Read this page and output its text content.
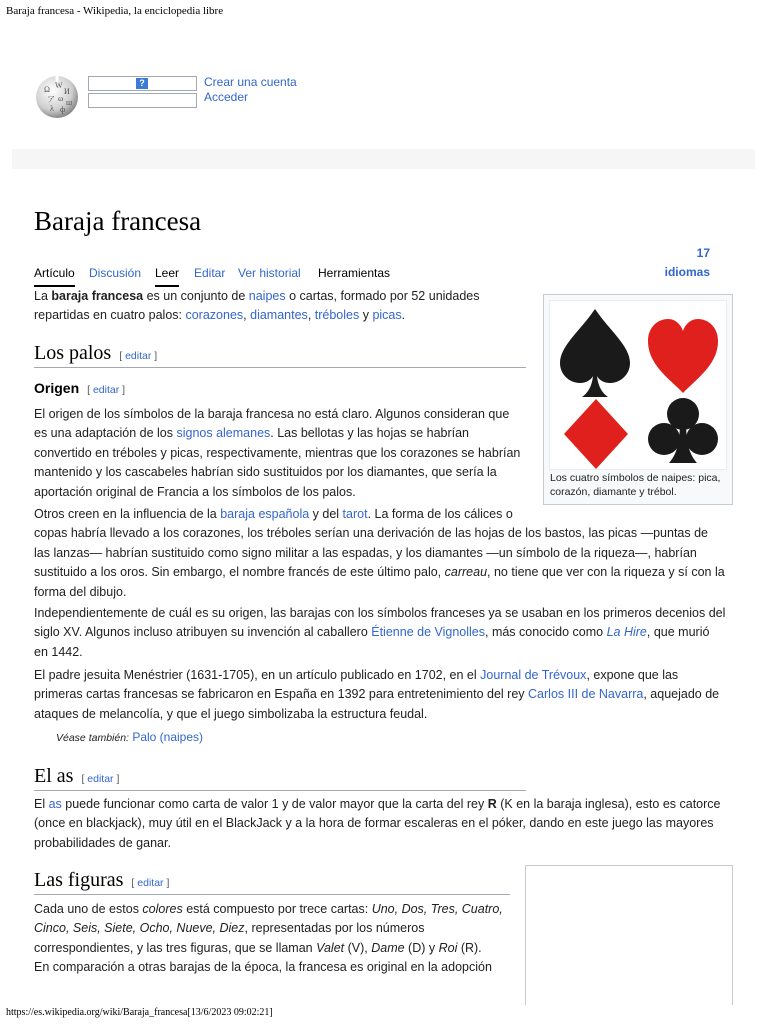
Baraja francesa - Wikipedia, la enciclopedia libre
https://es.wikipedia.org/wiki/Baraja_francesa[13/6/2023 09:02:21]
Ω W
И
ア ω ш
λ ф
?	Crear una cuenta
Acceder
Baraja francesa
17
idiomas
Artículo Discusión Leer Editar Ver historial Herramientas
La baraja francesa es un conjunto de naipes o cartas, formado por 52 unidades
repartidas en cuatro palos: corazones, diamantes, tréboles y picas.
Los cuatro símbolos de naipes: pica, corazón, diamante y trébol.
Los palos [ editar ]
Origen [ editar ]
El origen de los símbolos de la baraja francesa no está claro. Algunos consideran que
es una adaptación de los signos alemanes. Las bellotas y las hojas se habrían
convertido en tréboles y picas, respectivamente, mientras que los corazones se habrían
mantenido y los cascabeles habrían sido sustituidos por los diamantes, que sería la
aportación original de Francia a los símbolos de los palos.
Otros creen en la influencia de la baraja española y del tarot. La forma de los cálices o
copas habría llevado a los corazones, los tréboles serían una derivación de las hojas de los bastos, las picas —puntas de
las lanzas— habrían sustituido como signo militar a las espadas, y los diamantes —un símbolo de la riqueza—, habrían
sustituido a los oros. Sin embargo, el nombre francés de este último palo, carreau, no tiene que ver con la riqueza y sí con la
forma del dibujo.
Independientemente de cuál es su origen, las barajas con los símbolos franceses ya se usaban en los primeros decenios del
siglo XV. Algunos incluso atribuyen su invención al caballero Étienne de Vignolles, más conocido como La Hire, que murió
en 1442.
El padre jesuita Menéstrier (1631-1705), en un artículo publicado en 1702, en el Journal de Trévoux, expone que las
primeras cartas francesas se fabricaron en España en 1392 para entretenimiento del rey Carlos III de Navarra, aquejado de
ataques de melancolía, y que el juego simbolizaba la estructura feudal.
Véase también: Palo (naipes)
El as [ editar ]
El as puede funcionar como carta de valor 1 y de valor mayor que la carta del rey R (K en la baraja inglesa), esto es catorce
(once en blackjack), muy útil en el BlackJack y a la hora de formar escaleras en el póker, dando en este juego las mayores
probabilidades de ganar.
Las figuras [ editar ]
Cada uno de estos colores está compuesto por trece cartas: Uno, Dos, Tres, Cuatro,
Cinco, Seis, Siete, Ocho, Nueve, Diez, representadas por los números
correspondientes, y las tres figuras, que se llaman Valet (V), Dame (D) y Roi (R).
En comparación a otras barajas de la época, la francesa es original en la adopción
